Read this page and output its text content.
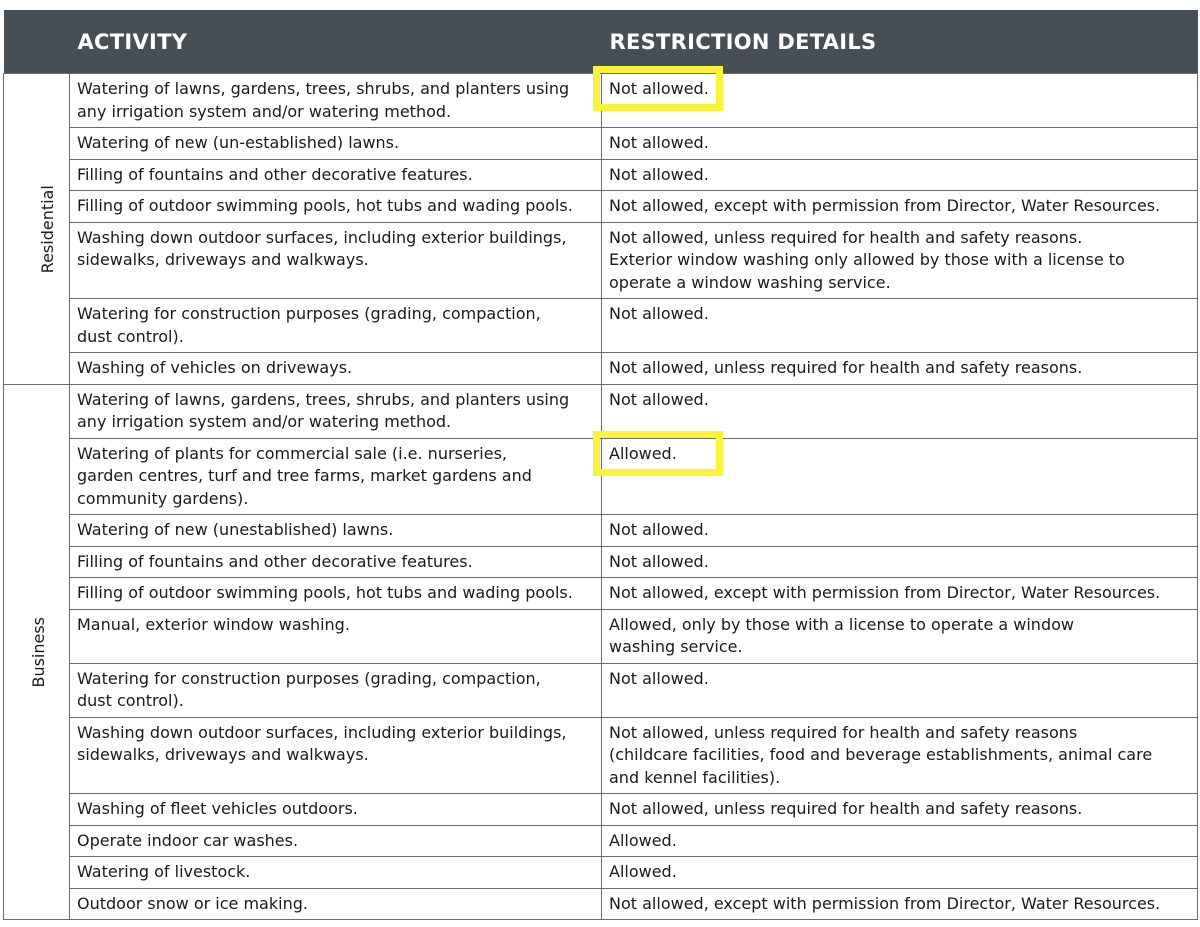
	ACTIVITY	RESTRICTION DETAILS
Residential	Watering of lawns, gardens, trees, shrubs, and planters using
any irrigation system and/or watering method.	Not allowed.

	Watering of new (un-established) lawns.	Not allowed.

	Filling of fountains and other decorative features.	Not allowed.

	Filling of outdoor swimming pools, hot tubs and wading pools.	Not allowed, except with permission from Director, Water Resources.

	Washing down outdoor surfaces, including exterior buildings,
sidewalks, driveways and walkways.	Not allowed, unless required for health and safety reasons.
Exterior window washing only allowed by those with a license to
operate a window washing service.

	Watering for construction purposes (grading, compaction,
dust control).	Not allowed.

	Washing of vehicles on driveways.	Not allowed, unless required for health and safety reasons.

Business	Watering of lawns, gardens, trees, shrubs, and planters using
any irrigation system and/or watering method.	Not allowed.

	Watering of plants for commercial sale (i.e. nurseries,
garden centres, turf and tree farms, market gardens and
community gardens).	Allowed.

	Watering of new (unestablished) lawns.	Not allowed.

	Filling of fountains and other decorative features.	Not allowed.

	Filling of outdoor swimming pools, hot tubs and wading pools.	Not allowed, except with permission from Director, Water Resources.

	Manual, exterior window washing.	Allowed, only by those with a license to operate a window
washing service.

	Watering for construction purposes (grading, compaction,
dust control).	Not allowed.

	Washing down outdoor surfaces, including exterior buildings,
sidewalks, driveways and walkways.	Not allowed, unless required for health and safety reasons
(childcare facilities, food and beverage establishments, animal care
and kennel facilities).

	Washing of fleet vehicles outdoors.	Not allowed, unless required for health and safety reasons.

	Operate indoor car washes.	Allowed.

	Watering of livestock.	Allowed.

	Outdoor snow or ice making.	Not allowed, except with permission from Director, Water Resources.
